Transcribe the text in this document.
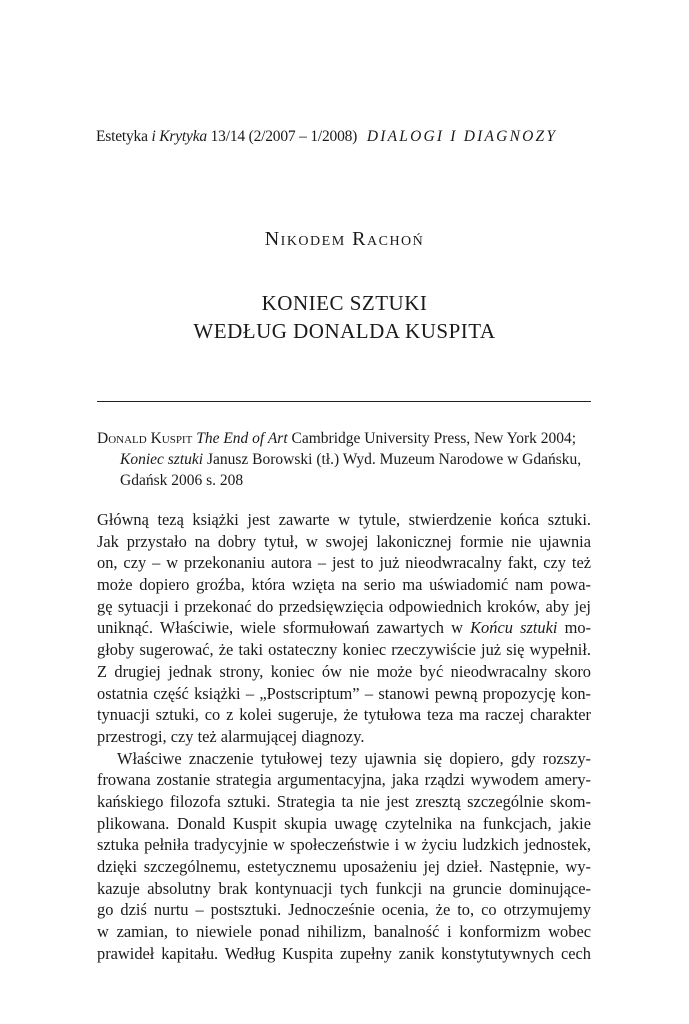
Estetyka i Krytyka 13/14 (2/2007 – 1/2008) DIALOGI I DIAGNOZY
Nikodem Rachoń
KONIEC SZTUKI
WEDŁUG DONALDA KUSPITA
Donald Kuspit The End of Art Cambridge University Press, New York 2004;
Koniec sztuki Janusz Borowski (tł.) Wyd. Muzeum Narodowe w Gdańsku,
Gdańsk 2006 s. 208
Główną tezą książki jest zawarte w tytule, stwierdzenie końca sztuki.
Jak przystało na dobry tytuł, w swojej lakonicznej formie nie ujawnia
on, czy – w przekonaniu autora – jest to już nieodwracalny fakt, czy też
może dopiero groźba, która wzięta na serio ma uświadomić nam powa-
gę sytuacji i przekonać do przedsięwzięcia odpowiednich kroków, aby jej
uniknąć. Właściwie, wiele sformułowań zawartych w Końcu sztuki mo-
głoby sugerować, że taki ostateczny koniec rzeczywiście już się wypełnił.
Z drugiej jednak strony, koniec ów nie może być nieodwracalny skoro
ostatnia część książki – „Postscriptum” – stanowi pewną propozycję kon-
tynuacji sztuki, co z kolei sugeruje, że tytułowa teza ma raczej charakter
przestrogi, czy też alarmującej diagnozy.
Właściwe znaczenie tytułowej tezy ujawnia się dopiero, gdy rozszy-
frowana zostanie strategia argumentacyjna, jaka rządzi wywodem amery-
kańskiego filozofa sztuki. Strategia ta nie jest zresztą szczególnie skom-
plikowana. Donald Kuspit skupia uwagę czytelnika na funkcjach, jakie
sztuka pełniła tradycyjnie w społeczeństwie i w życiu ludzkich jednostek,
dzięki szczególnemu, estetycznemu uposażeniu jej dzieł. Następnie, wy-
kazuje absolutny brak kontynuacji tych funkcji na gruncie dominujące-
go dziś nurtu – postsztuki. Jednocześnie ocenia, że to, co otrzymujemy
w zamian, to niewiele ponad nihilizm, banalność i konformizm wobec
prawideł kapitału. Według Kuspita zupełny zanik konstytutywnych cech
